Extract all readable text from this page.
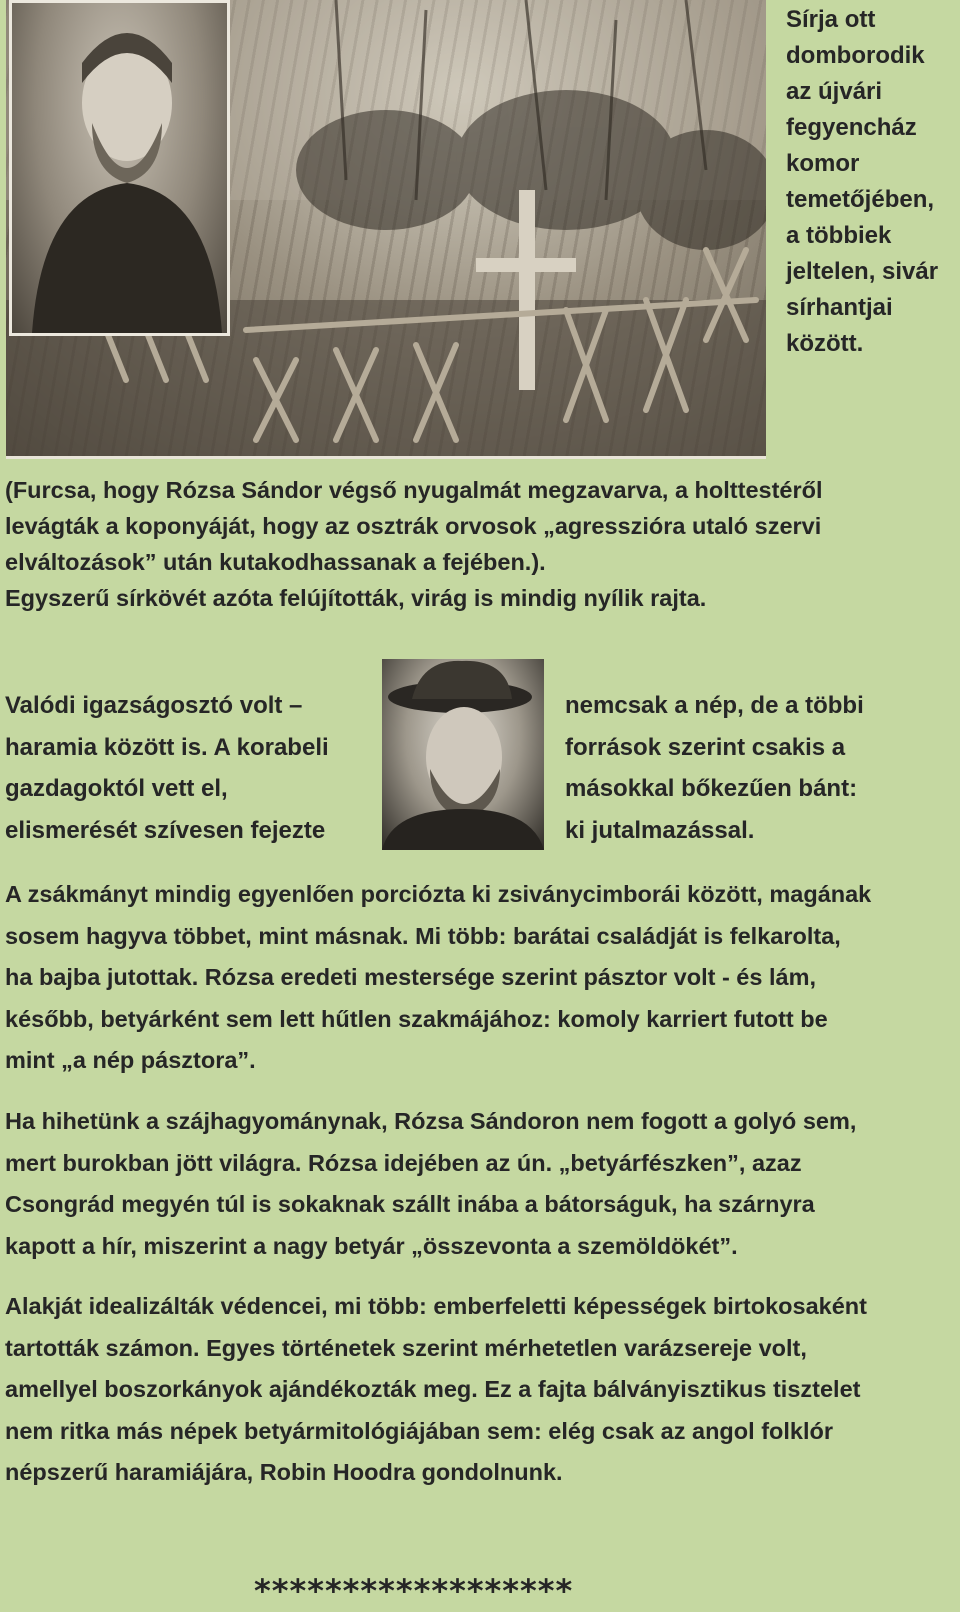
Sírja ott
domborodik
az újvári
fegyencház
komor
temetőjében,
a többiek
jeltelen, sivár
sírhantjai
között.

(Furcsa, hogy Rózsa Sándor végső nyugalmát megzavarva, a holttestéről
levágták a koponyáját, hogy az osztrák orvosok „agresszióra utaló szervi
elváltozások” után kutakodhassanak a fejében.).
Egyszerű sírkövét azóta felújították, virág is mindig nyílik rajta.

Valódi igazságosztó volt –
haramia között is. A korabeli
gazdagoktól vett el,
elismerését szívesen fejezte

nemcsak a nép, de a többi
források szerint csakis a
másokkal bőkezűen bánt:
ki jutalmazással.

A zsákmányt mindig egyenlően porciózta ki zsiványcimborái között, magának
sosem hagyva többet, mint másnak. Mi több: barátai családját is felkarolta,
ha bajba jutottak. Rózsa eredeti mestersége szerint pásztor volt - és lám,
később, betyárként sem lett hűtlen szakmájához: komoly karriert futott be
mint „a nép pásztora”.

Ha hihetünk a szájhagyománynak, Rózsa Sándoron nem fogott a golyó sem,
mert burokban jött világra. Rózsa idejében az ún. „betyárfészken”, azaz
Csongrád megyén túl is sokaknak szállt inába a bátorságuk, ha szárnyra
kapott a hír, miszerint a nagy betyár „összevonta a szemöldökét”.

Alakját idealizálták védencei, mi több: emberfeletti képességek birtokosaként
tartották számon. Egyes történetek szerint mérhetetlen varázsereje volt,
amellyel boszorkányok ajándékozták meg. Ez a fajta bálványisztikus tisztelet
nem ritka más népek betyármitológiájában sem: elég csak az angol folklór
népszerű haramiájára, Robin Hoodra gondolnunk.

******************
